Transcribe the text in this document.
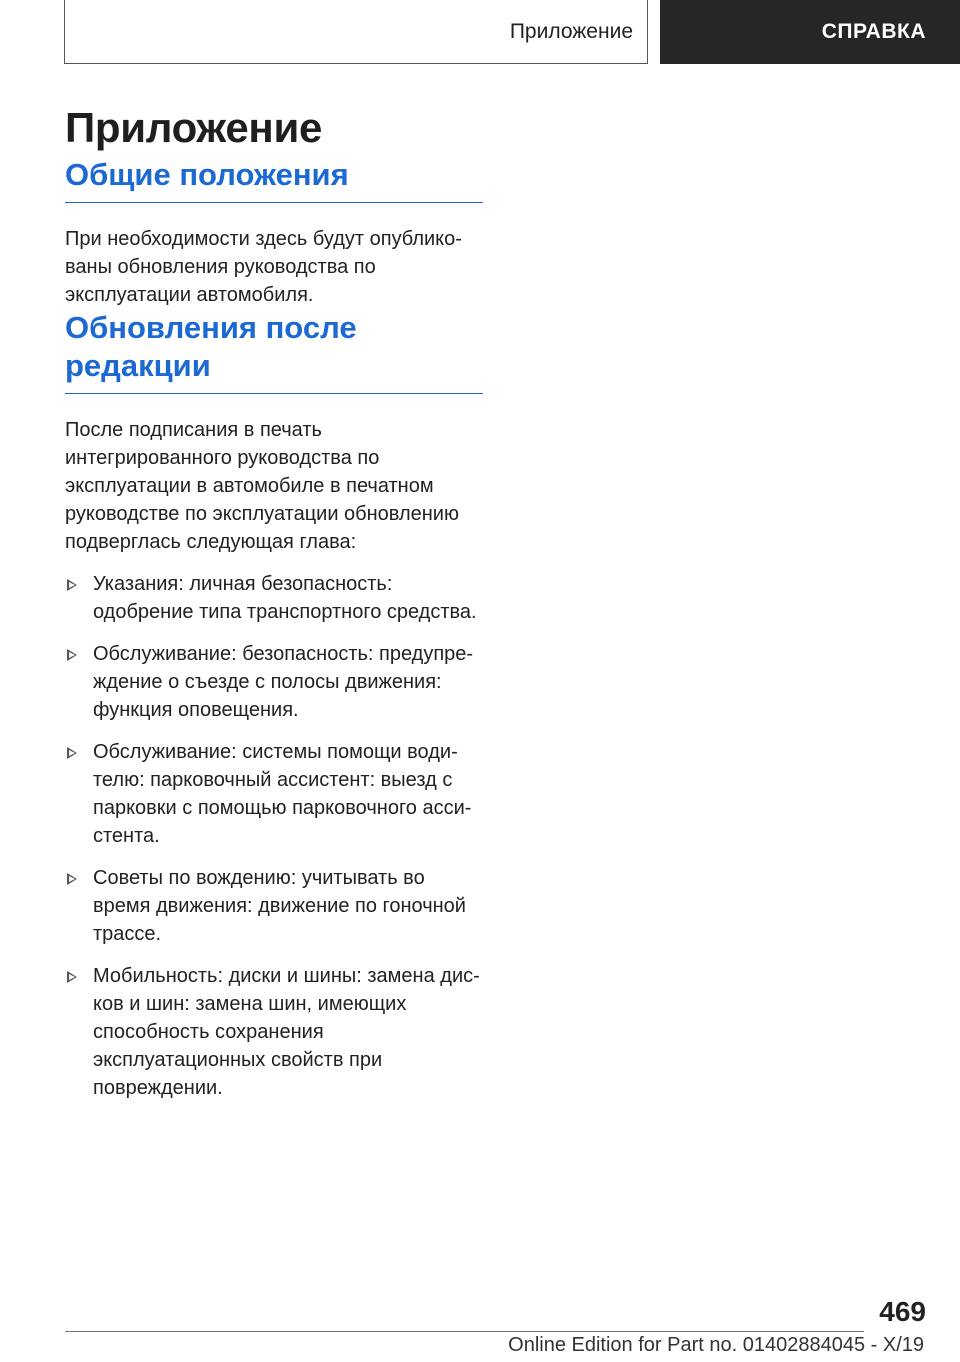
Приложение	СПРАВКА
Приложение
Общие положения

При необходимости здесь будут опубликованы обновления руководства по эксплуатации автомобиля.

Обновления после редакции

После подписания в печать интегрированного руководства по эксплуатации в автомобиле в печатном руководстве по эксплуатации обновлению подверглась следующая глава:

Указания: личная безопасность: одобрение типа транспортного средства.
Обслуживание: безопасность: предупреждение о съезде с полосы движения: функция оповещения.
Обслуживание: системы помощи водителю: парковочный ассистент: выезд с парковки с помощью парковочного ассистента.
Советы по вождению: учитывать во время движения: движение по гоночной трассе.
Мобильность: диски и шины: замена дисков и шин: замена шин, имеющих способность сохранения эксплуатационных свойств при повреждении.
469
Online Edition for Part no. 01402884045 - X/19
